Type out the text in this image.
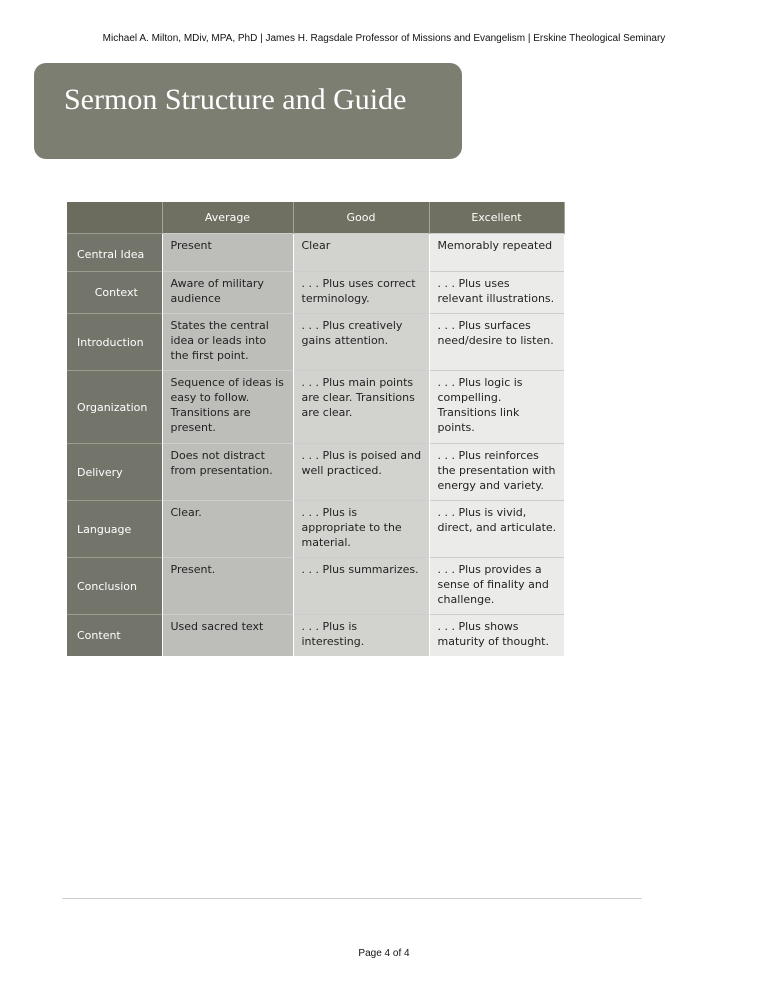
Michael A. Milton, MDiv, MPA, PhD | James H. Ragsdale Professor of Missions and Evangelism | Erskine Theological Seminary
Sermon Structure and Guide
	Average	Good	Excellent
Central Idea	Present	Clear	Memorably repeated
Context	Aware of military audience	. . . Plus uses correct terminology.	. . . Plus uses relevant illustrations.
Introduction	States the central idea or leads into the first point.	. . . Plus creatively gains attention.	. . . Plus surfaces need/desire to listen.
Organization	Sequence of ideas is easy to follow. Transitions are present.	. . . Plus main points are clear. Transitions are clear.	. . . Plus logic is compelling. Transitions link points.
Delivery	Does not distract from presentation.	. . . Plus is poised and well practiced.	. . . Plus reinforces the presentation with energy and variety.
Language	Clear.	. . . Plus is appropriate to the material.	. . . Plus is vivid, direct, and articulate.
Conclusion	Present.	. . . Plus summarizes.	. . . Plus provides a sense of finality and challenge.
Content	Used sacred text	. . . Plus is interesting.	. . . Plus shows maturity of thought.
Page 4 of 4
